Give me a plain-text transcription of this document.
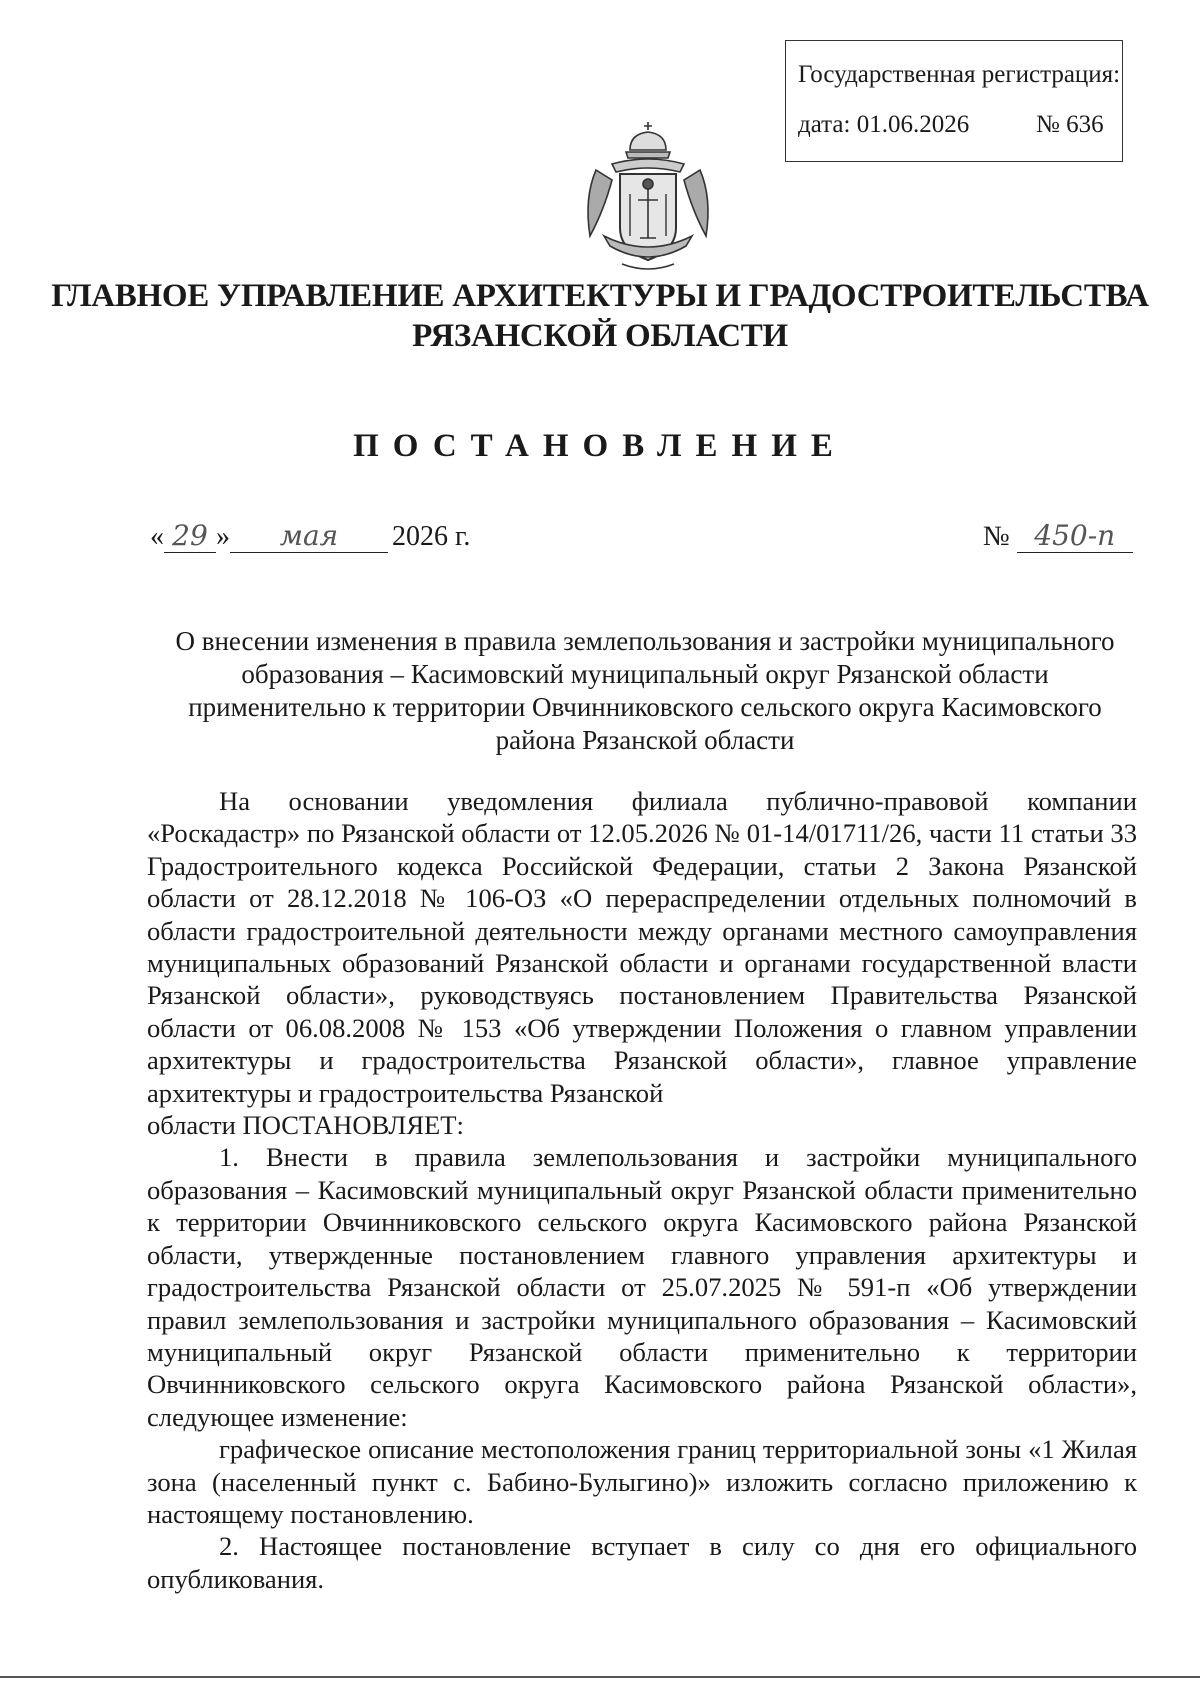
Государственная регистрация:
дата: 01.06.2026	№ 636
ГЛАВНОЕ УПРАВЛЕНИЕ АРХИТЕКТУРЫ И ГРАДОСТРОИТЕЛЬСТВА
РЯЗАНСКОЙ ОБЛАСТИ
ПОСТАНОВЛЕНИЕ
« 29 » мая 2026 г.	№ 450-п
О внесении изменения в правила землепользования и застройки муниципального образования – Касимовский муниципальный округ Рязанской области применительно к территории Овчинниковского сельского округа Касимовского района Рязанской области

На основании уведомления филиала публично-правовой компании «Роскадастр» по Рязанской области от 12.05.2026 № 01-14/01711/26, части 11 статьи 33 Градостроительного кодекса Российской Федерации, статьи 2 Закона Рязанской области от 28.12.2018 № 106-ОЗ «О перераспределении отдельных полномочий в области градостроительной деятельности между органами местного самоуправления муниципальных образований Рязанской области и органами государственной власти Рязанской области», руководствуясь постановлением Правительства Рязанской области от 06.08.2008 № 153 «Об утверждении Положения о главном управлении архитектуры и градостроительства Рязанской области», главное управление архитектуры и градостроительства Рязанской

области ПОСТАНОВЛЯЕТ:

1. Внести в правила землепользования и застройки муниципального образования – Касимовский муниципальный округ Рязанской области применительно к территории Овчинниковского сельского округа Касимовского района Рязанской области, утвержденные постановлением главного управления архитектуры и градостроительства Рязанской области от 25.07.2025 № 591-п «Об утверждении правил землепользования и застройки муниципального образования – Касимовский муниципальный округ Рязанской области применительно к территории Овчинниковского сельского округа Касимовского района Рязанской области», следующее изменение:

графическое описание местоположения границ территориальной зоны «1 Жилая зона (населенный пункт с. Бабино-Булыгино)» изложить согласно приложению к настоящему постановлению.

2. Настоящее постановление вступает в силу со дня его официального опубликования.
